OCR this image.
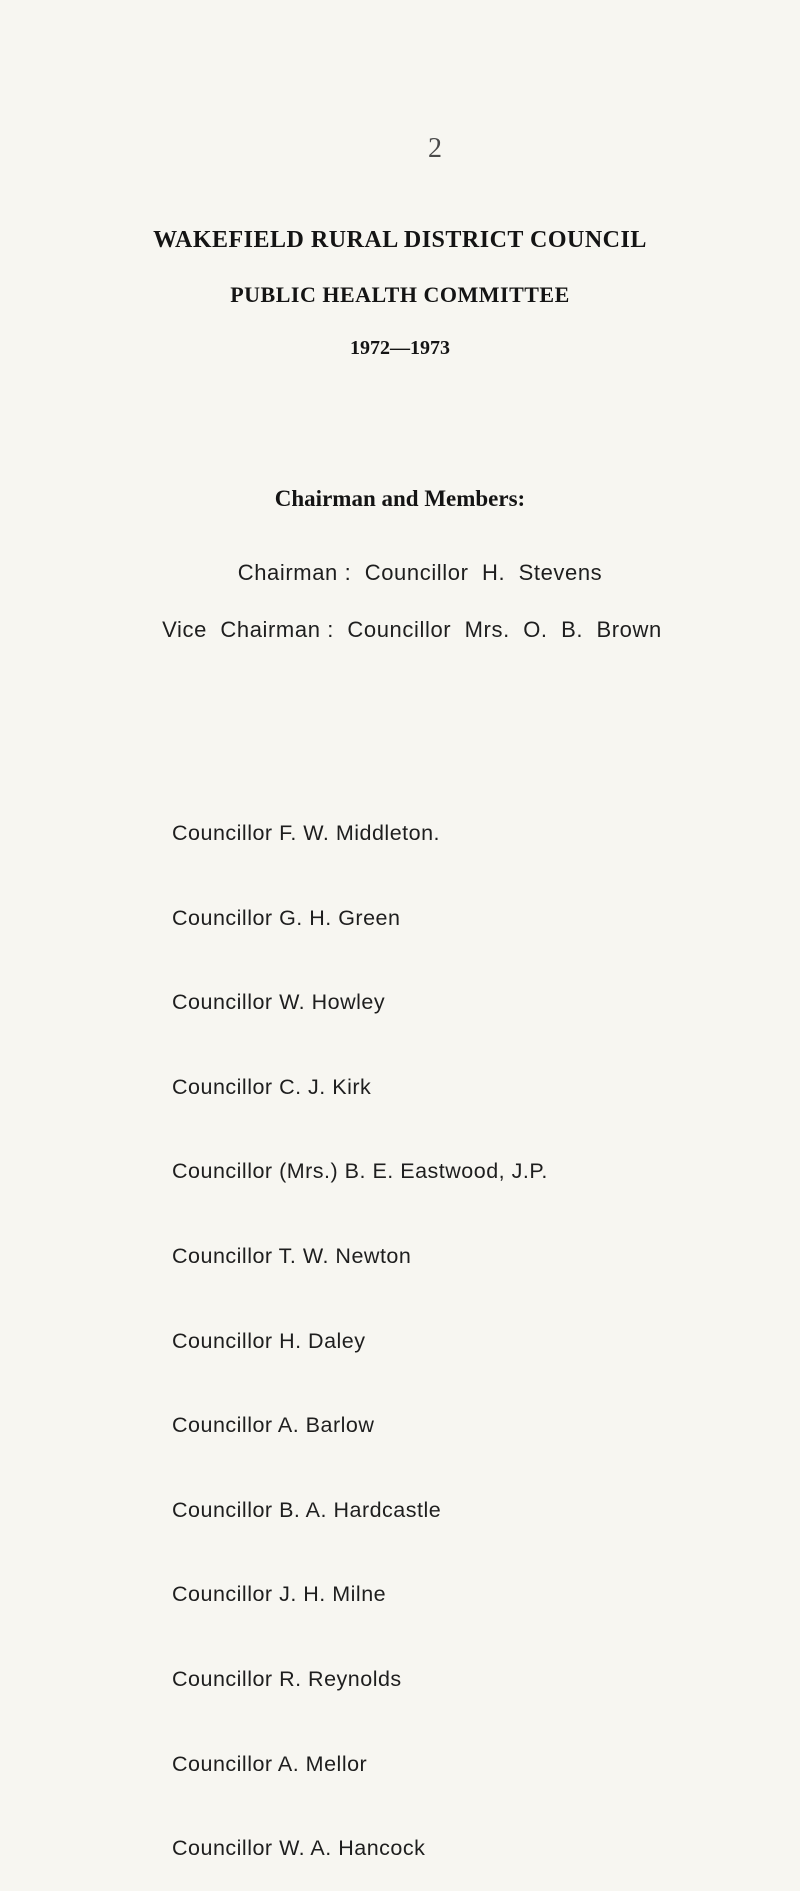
2
WAKEFIELD RURAL DISTRICT COUNCIL
PUBLIC HEALTH COMMITTEE
1972—1973
Chairman and Members:
Chairman :  Councillor  H.  Stevens
Vice  Chairman :  Councillor  Mrs.  O.  B.  Brown

Councillor F. W. Middleton.

Councillor G. H. Green

Councillor W. Howley

Councillor C. J. Kirk

Councillor (Mrs.) B. E. Eastwood, J.P.

Councillor T. W. Newton

Councillor H. Daley

Councillor A. Barlow

Councillor B. A. Hardcastle

Councillor J. H. Milne

Councillor R. Reynolds

Councillor A. Mellor

Councillor W. A. Hancock
